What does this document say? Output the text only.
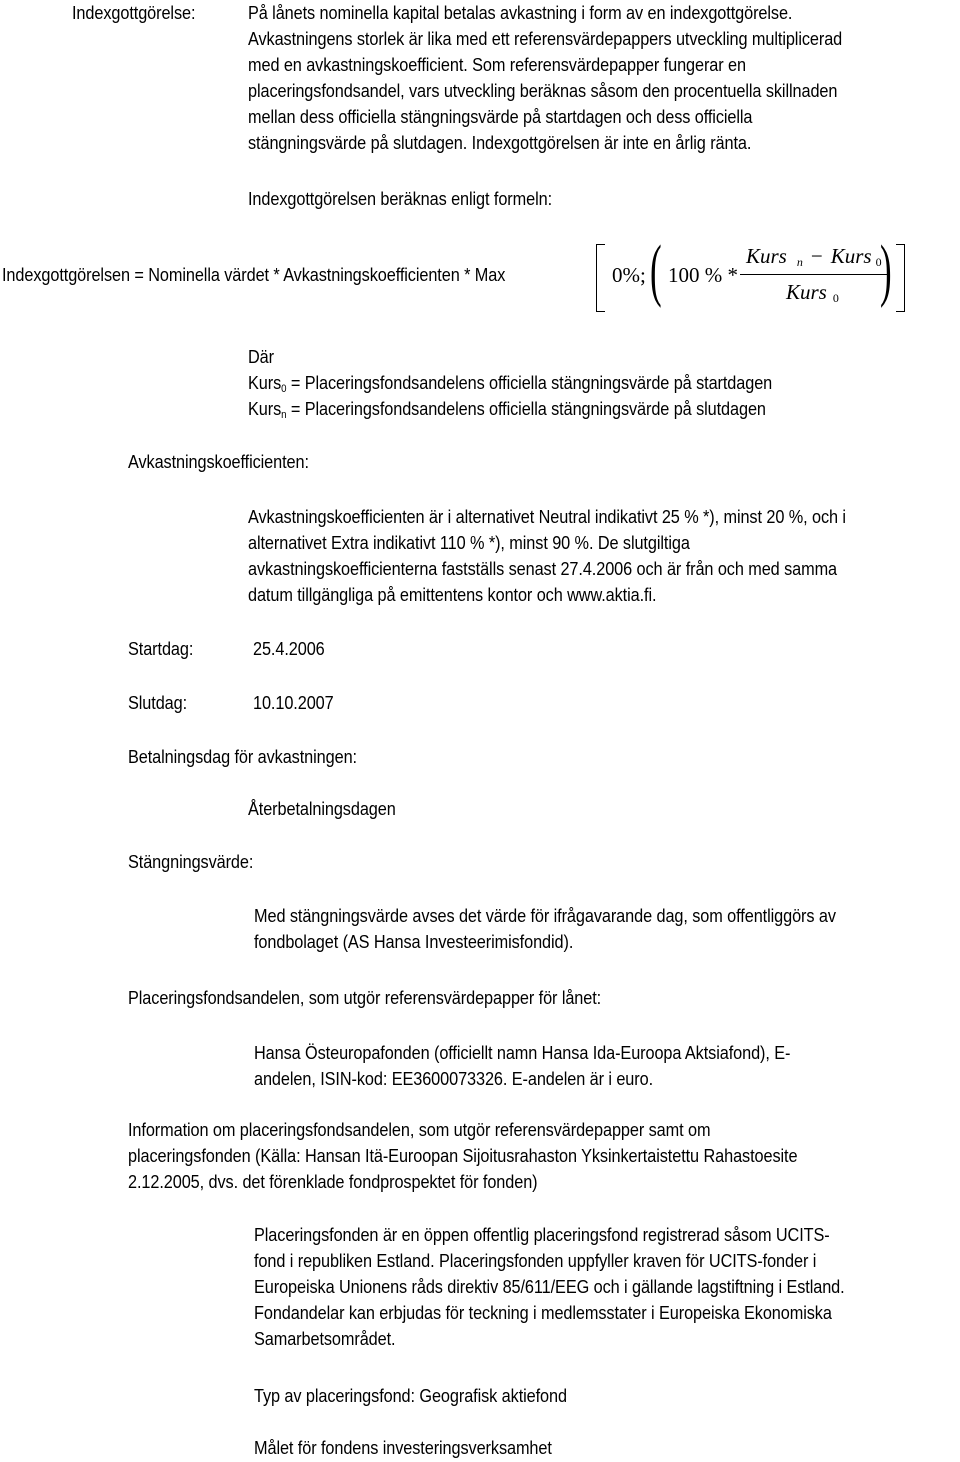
Indexgottgörelse:	På lånets nominella kapital betalas avkastning i form av en indexgottgörelse.
Avkastningens storlek är lika med ett referensvärdepappers utveckling multiplicerad
med en avkastningskoefficient. Som referensvärdepapper fungerar en
placeringsfondsandel, vars utveckling beräknas såsom den procentuella skillnaden
mellan dess officiella stängningsvärde på startdagen och dess officiella
stängningsvärde på slutdagen. Indexgottgörelsen är inte en årlig ränta.
Indexgottgörelsen beräknas enligt formeln:
Indexgottgörelsen = Nominella värdet * Avkastningskoefficienten * Max	0%; (	)
100 % *
Kurs $_n$ − Kurs $_0$
Kurs $_0$
Där
Kurs$_0$ = Placeringsfondsandelens officiella stängningsvärde på startdagen
Kurs$_n$ = Placeringsfondsandelens officiella stängningsvärde på slutdagen
Avkastningskoefficienten:
Avkastningskoefficienten är i alternativet Neutral indikativt 25 % *), minst 20 %, och i
alternativet Extra indikativt 110 % *), minst 90 %. De slutgiltiga
avkastningskoefficienterna fastställs senast 27.4.2006 och är från och med samma
datum tillgängliga på emittentens kontor och www.aktia.fi.
Startdag:	25.4.2006
Slutdag:	10.10.2007
Betalningsdag för avkastningen:
Återbetalningsdagen
Stängningsvärde:
Med stängningsvärde avses det värde för ifrågavarande dag, som offentliggörs av
fondbolaget (AS Hansa Investeerimisfondid).
Placeringsfondsandelen, som utgör referensvärdepapper för lånet:
Hansa Östeuropafonden (officiellt namn Hansa Ida-Euroopa Aktsiafond), E-
andelen, ISIN-kod: EE3600073326. E-andelen är i euro.
Information om placeringsfondsandelen, som utgör referensvärdepapper samt om
placeringsfonden (Källa: Hansan Itä-Euroopan Sijoitusrahaston Yksinkertaistettu Rahastoesite
2.12.2005, dvs. det förenklade fondprospektet för fonden)
Placeringsfonden är en öppen offentlig placeringsfond registrerad såsom UCITS-
fond i republiken Estland. Placeringsfonden uppfyller kraven för UCITS-fonder i
Europeiska Unionens råds direktiv 85/611/EEG och i gällande lagstiftning i Estland.
Fondandelar kan erbjudas för teckning i medlemsstater i Europeiska Ekonomiska
Samarbetsområdet.
Typ av placeringsfond: Geografisk aktiefond
Målet för fondens investeringsverksamhet
